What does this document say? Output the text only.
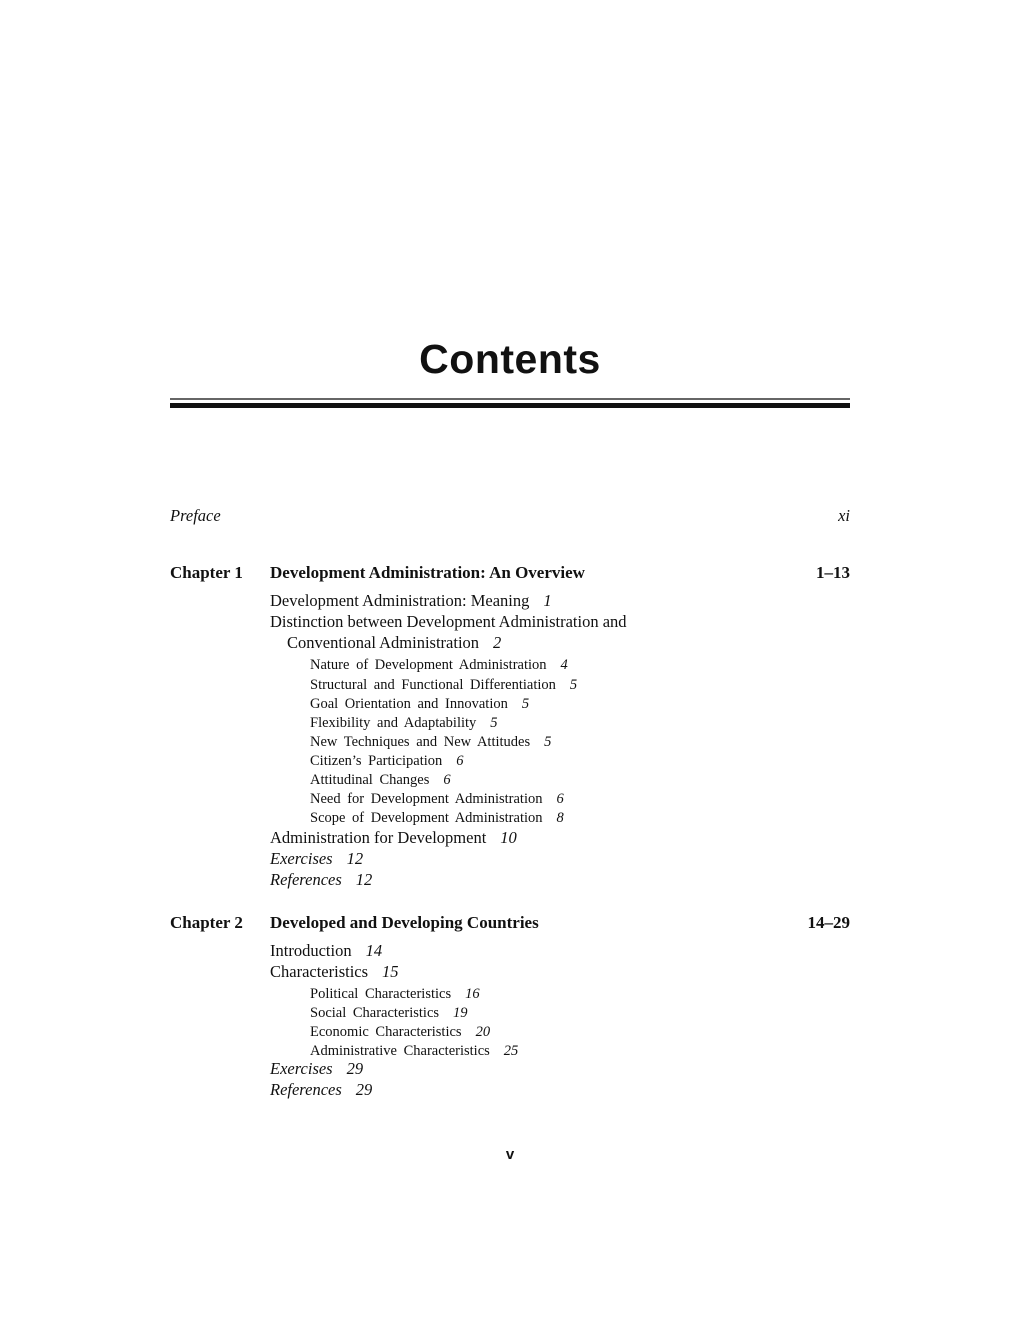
Contents
Preface	xi
Chapter 1 Development Administration: An Overview	1–13
Development Administration: Meaning 1
Distinction between Development Administration and
Conventional Administration 2
Nature of Development Administration 4
Structural and Functional Differentiation 5
Goal Orientation and Innovation 5
Flexibility and Adaptability 5
New Techniques and New Attitudes 5
Citizen’s Participation 6
Attitudinal Changes 6
Need for Development Administration 6
Scope of Development Administration 8
Administration for Development 10
Exercises 12
References 12
Chapter 2 Developed and Developing Countries	14–29
Introduction 14
Characteristics 15
Political Characteristics 16
Social Characteristics 19
Economic Characteristics 20
Administrative Characteristics 25
Exercises 29
References 29
v
